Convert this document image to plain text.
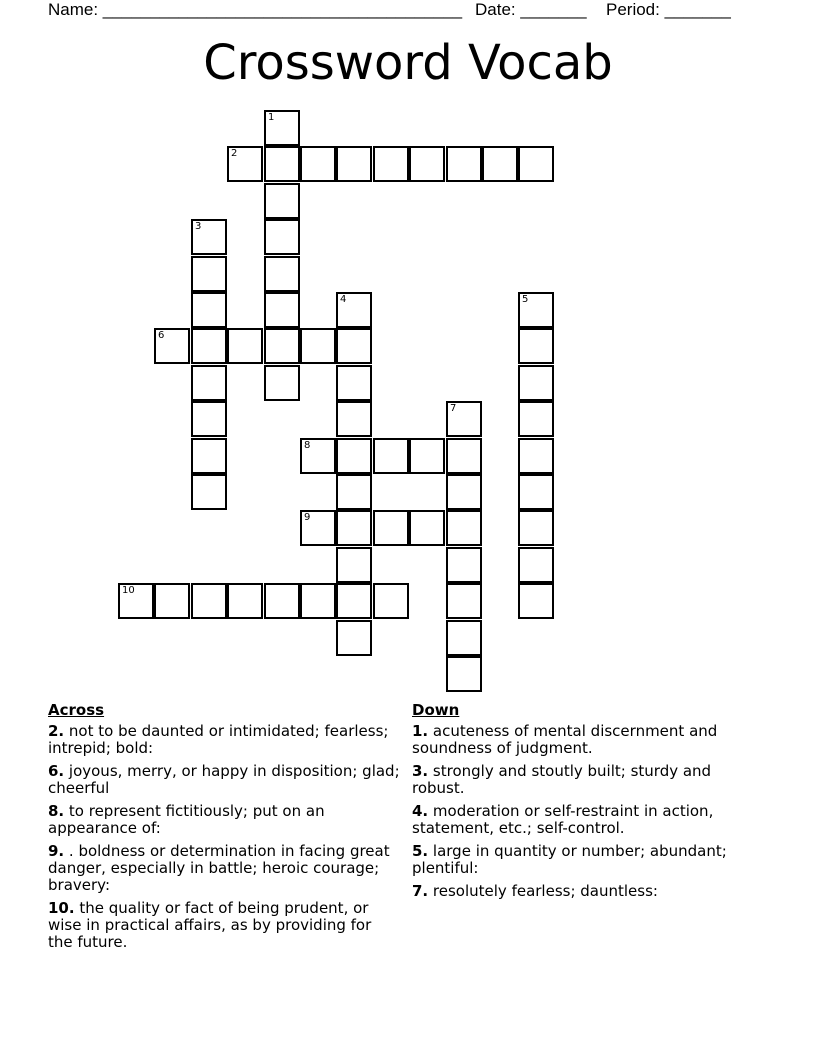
Name: ______________________________________ Date: _______ Period: _______
Crossword Vocab
1
2
3
4	5
6
7
8
9
10
Across
2. not to be daunted or intimidated; fearless; intrepid; bold:
6. joyous, merry, or happy in disposition; glad; cheerful
8. to represent fictitiously; put on an appearance of:
9. . boldness or determination in facing great danger, especially in battle; heroic courage; bravery:
10. the quality or fact of being prudent, or wise in practical affairs, as by providing for the future.
Down
1. acuteness of mental discernment and soundness of judgment.
3. strongly and stoutly built; sturdy and robust.
4. moderation or self-restraint in action, statement, etc.; self-control.
5. large in quantity or number; abundant; plentiful:
7. resolutely fearless; dauntless:
